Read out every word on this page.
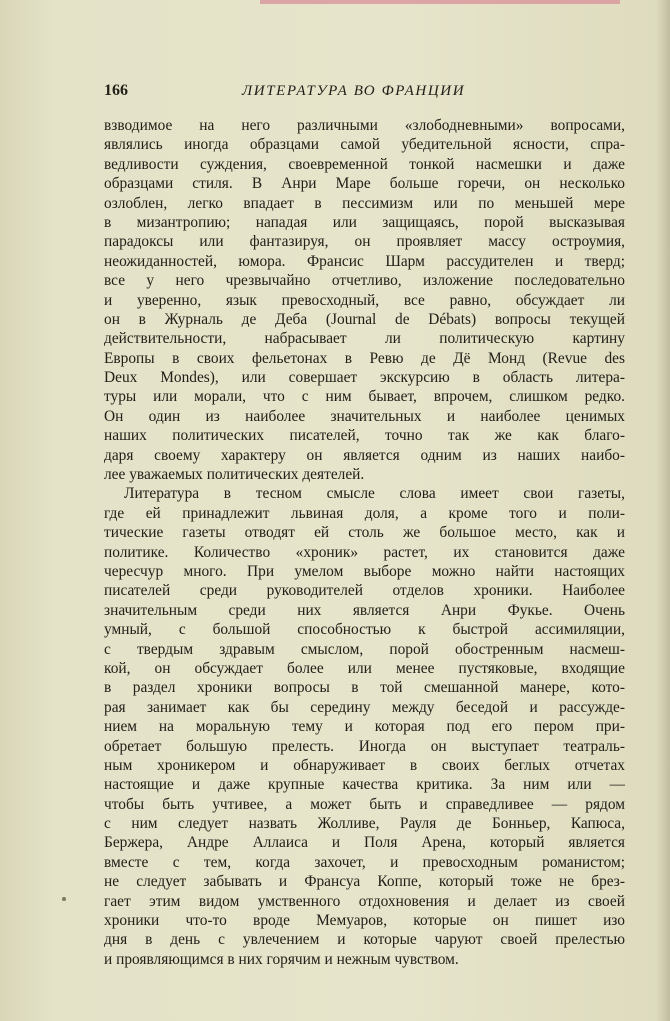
166	ЛИТЕРАТУРА ВО ФРАНЦИИ
взводимое на него различными «злободневными» вопросами,
являлись иногда образцами самой убедительной ясности, спра-
ведливости суждения, своевременной тонкой насмешки и даже
образцами стиля. В Анри Маре больше горечи, он несколько
озлоблен, легко впадает в пессимизм или по меньшей мере
в мизантропию; нападая или защищаясь, порой высказывая
парадоксы или фантазируя, он проявляет массу остроумия,
неожиданностей, юмора. Франсис Шарм рассудителен и тверд;
все у него чрезвычайно отчетливо, изложение последовательно
и уверенно, язык превосходный, все равно, обсуждает ли
он в Журналь де Деба (Journal de Débats) вопросы текущей
действительности, набрасывает ли политическую картину
Европы в своих фельетонах в Ревю де Дё Монд (Revue des
Deux Mondes), или совершает экскурсию в область литера-
туры или морали, что с ним бывает, впрочем, слишком редко.
Он один из наиболее значительных и наиболее ценимых
наших политических писателей, точно так же как благо-
даря своему характеру он является одним из наших наибо-
лее уважаемых политических деятелей.
Литература в тесном смысле слова имеет свои газеты,
где ей принадлежит львиная доля, а кроме того и поли-
тические газеты отводят ей столь же большое место, как и
политике. Количество «хроник» растет, их становится даже
чересчур много. При умелом выборе можно найти настоящих
писателей среди руководителей отделов хроники. Наиболее
значительным среди них является Анри Фукье. Очень
умный, с большой способностью к быстрой ассимиляции,
с твердым здравым смыслом, порой обостренным насмеш-
кой, он обсуждает более или менее пустяковые, входящие
в раздел хроники вопросы в той смешанной манере, кото-
рая занимает как бы середину между беседой и рассужде-
нием на моральную тему и которая под его пером при-
обретает большую прелесть. Иногда он выступает театраль-
ным хроникером и обнаруживает в своих беглых отчетах
настоящие и даже крупные качества критика. За ним или —
чтобы быть учтивее, а может быть и справедливее — рядом
с ним следует назвать Жолливе, Рауля де Бонньер, Капюса,
Бержера, Андре Аллаиса и Поля Арена, который является
вместе с тем, когда захочет, и превосходным романистом;
не следует забывать и Франсуа Коппе, который тоже не брез-
гает этим видом умственного отдохновения и делает из своей
хроники что-то вроде Мемуаров, которые он пишет изо
дня в день с увлечением и которые чаруют своей прелестью
и проявляющимся в них горячим и нежным чувством.
